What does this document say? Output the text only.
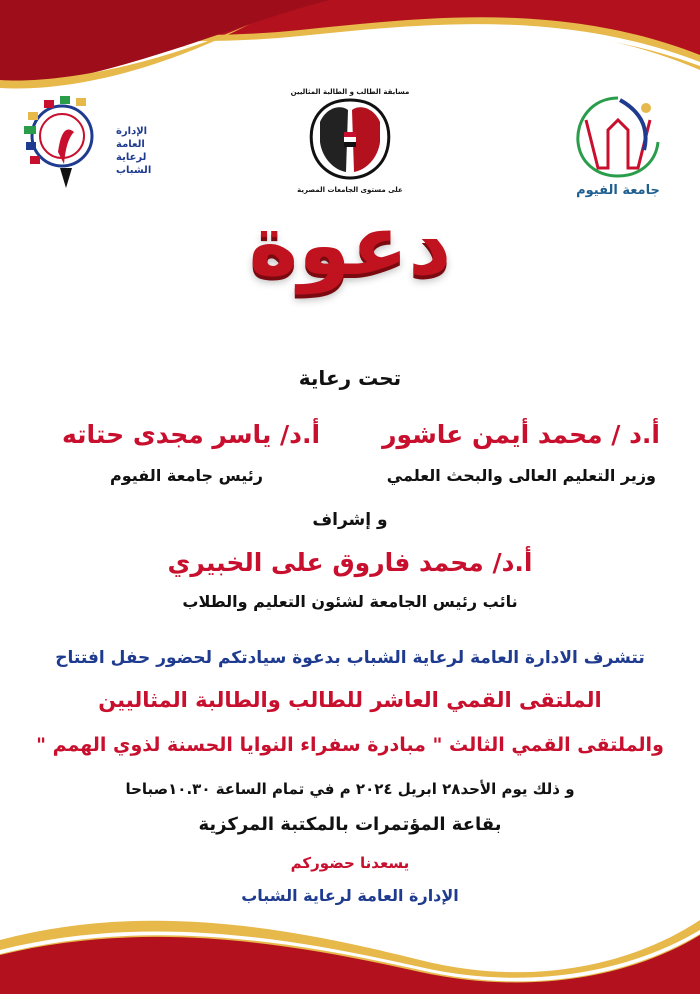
الإدارة
العامة
لرعاية
الشباب
مسابقة الطالب و الطالبة المثاليين
على مستوى الجامعات المصرية	جامعة الفيوم
دعوة
تحت رعاية
أ.د / محمد أيمن عاشور
وزير التعليم العالى والبحث العلمي
أ.د/ ياسر مجدى حتاته
رئيس جامعة الفيوم
و إشراف
أ.د/ محمد فاروق على الخبيري
نائب رئيس الجامعة لشئون التعليم والطلاب
تتشرف الادارة العامة لرعاية الشباب بدعوة سيادتكم لحضور حفل افتتاح
الملتقى القمي العاشر للطالب والطالبة المثاليين
والملتقى القمي الثالث " مبادرة سفراء النوايا الحسنة لذوي الهمم "
و ذلك يوم الأحد٢٨ ابريل ٢٠٢٤ م في تمام الساعة ١٠.٣٠صباحا
بقاعة المؤتمرات بالمكتبة المركزية
يسعدنا حضوركم
الإدارة العامة لرعاية الشباب
